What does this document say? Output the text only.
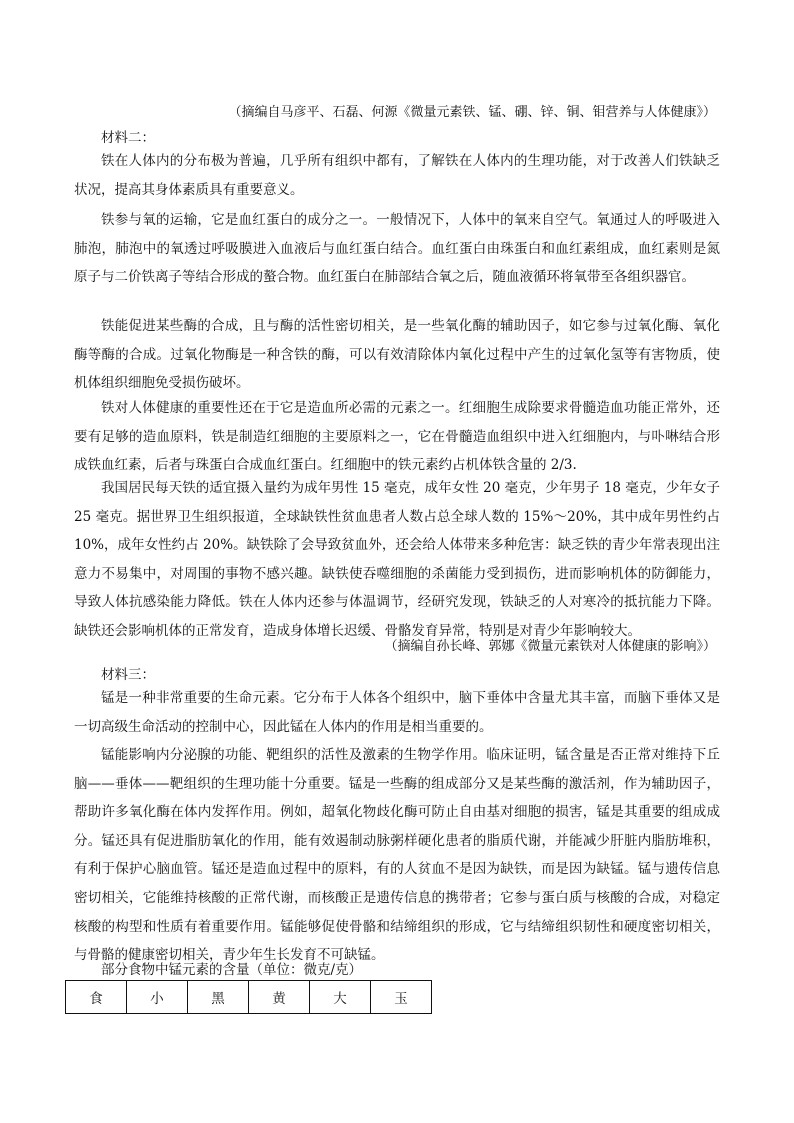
（摘编自马彦平、石磊、何源《微量元素铁、锰、硼、锌、铜、钼营养与人体健康》）
材料二：

铁在人体内的分布极为普遍，几乎所有组织中都有，了解铁在人体内的生理功能，对于改善人们铁缺乏状况，提高其身体素质具有重要意义。

铁参与氧的运输，它是血红蛋白的成分之一。一般情况下，人体中的氧来自空气。氧通过人的呼吸进入肺泡，肺泡中的氧透过呼吸膜进入血液后与血红蛋白结合。血红蛋白由珠蛋白和血红素组成，血红素则是氮原子与二价铁离子等结合形成的螯合物。血红蛋白在肺部结合氧之后，随血液循环将氧带至各组织器官。

铁能促进某些酶的合成，且与酶的活性密切相关，是一些氧化酶的辅助因子，如它参与过氧化酶、氧化酶等酶的合成。过氧化物酶是一种含铁的酶，可以有效清除体内氧化过程中产生的过氧化氢等有害物质，使机体组织细胞免受损伤破坏。

铁对人体健康的重要性还在于它是造血所必需的元素之一。红细胞生成除要求骨髓造血功能正常外，还要有足够的造血原料，铁是制造红细胞的主要原料之一，它在骨髓造血组织中进入红细胞内，与卟啉结合形成铁血红素，后者与珠蛋白合成血红蛋白。红细胞中的铁元素约占机体铁含量的 2/3.

我国居民每天铁的适宜摄入量约为成年男性 15 毫克，成年女性 20 毫克，少年男子 18 毫克，少年女子 25 毫克。据世界卫生组织报道，全球缺铁性贫血患者人数占总全球人数的 15%～20%，其中成年男性约占 10%，成年女性约占 20%。缺铁除了会导致贫血外，还会给人体带来多种危害：缺乏铁的青少年常表现出注意力不易集中，对周围的事物不感兴趣。缺铁使吞噬细胞的杀菌能力受到损伤，进而影响机体的防御能力，导致人体抗感染能力降低。铁在人体内还参与体温调节，经研究发现，铁缺乏的人对寒冷的抵抗能力下降。缺铁还会影响机体的正常发育，造成身体增长迟缓、骨骼发育异常，特别是对青少年影响较大。

（摘编自孙长峰、郭娜《微量元素铁对人体健康的影响》）
材料三：

锰是一种非常重要的生命元素。它分布于人体各个组织中，脑下垂体中含量尤其丰富，而脑下垂体又是一切高级生命活动的控制中心，因此锰在人体内的作用是相当重要的。

锰能影响内分泌腺的功能、靶组织的活性及激素的生物学作用。临床证明，锰含量是否正常对维持下丘脑——垂体——靶组织的生理功能十分重要。锰是一些酶的组成部分又是某些酶的激活剂，作为辅助因子，帮助许多氧化酶在体内发挥作用。例如，超氧化物歧化酶可防止自由基对细胞的损害，锰是其重要的组成成分。锰还具有促进脂肪氧化的作用，能有效遏制动脉粥样硬化患者的脂质代谢，并能减少肝脏内脂肪堆积，有利于保护心脑血管。锰还是造血过程中的原料，有的人贫血不是因为缺铁，而是因为缺锰。锰与遗传信息密切相关，它能维持核酸的正常代谢，而核酸正是遗传信息的携带者；它参与蛋白质与核酸的合成，对稳定核酸的构型和性质有着重要作用。锰能够促使骨骼和结缔组织的形成，它与结缔组织韧性和硬度密切相关，与骨骼的健康密切相关，青少年生长发育不可缺锰。

部分食物中锰元素的含量（单位：微克/克）
食	小	黑	黄	大	玉
